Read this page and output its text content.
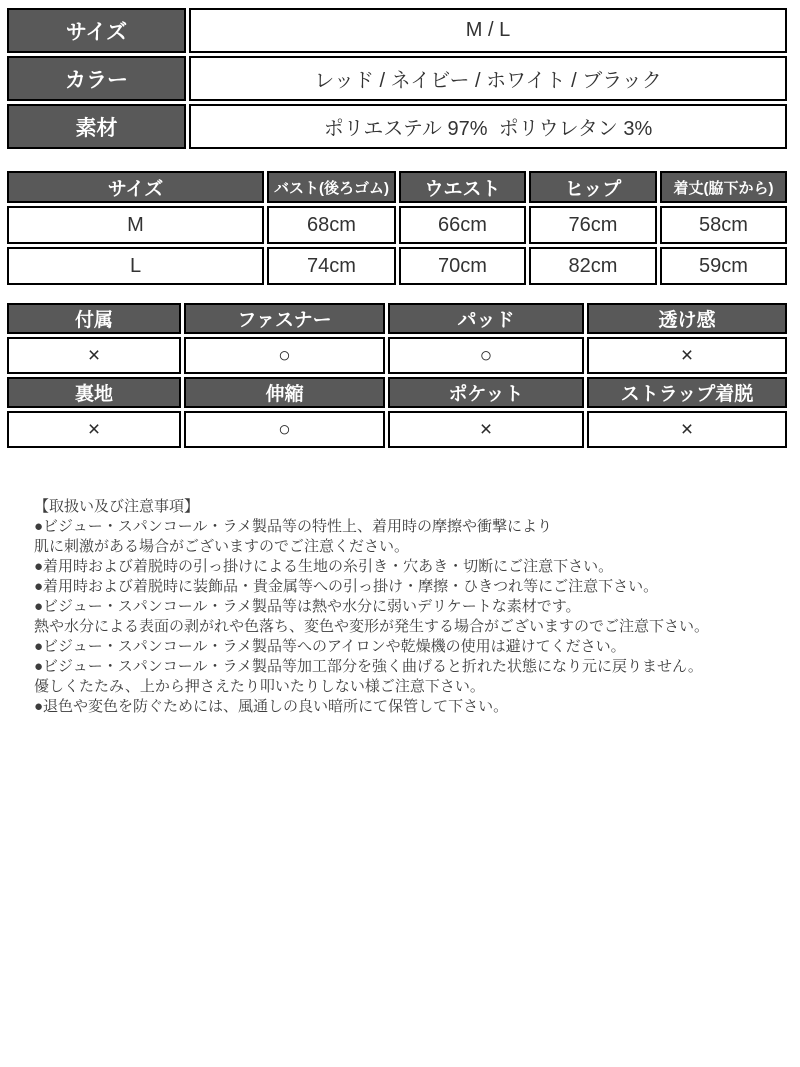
サイズ	M / L
カラー	レッド / ネイビー / ホワイト / ブラック
素材	ポリエステル 97%  ポリウレタン 3%
サイズ	バスト(後ろゴム)	ウエスト	ヒップ	着丈(脇下から)
M	68cm	66cm	76cm	58cm
L	74cm	70cm	82cm	59cm
付属	ファスナー	パッド	透け感
×	○	○	×
裏地	伸縮	ポケット	ストラップ着脱
×	○	×	×
【取扱い及び注意事項】
●ビジュー・スパンコール・ラメ製品等の特性上、着用時の摩擦や衝撃により
肌に刺激がある場合がございますのでご注意ください。
●着用時および着脱時の引っ掛けによる生地の糸引き・穴あき・切断にご注意下さい。
●着用時および着脱時に装飾品・貴金属等への引っ掛け・摩擦・ひきつれ等にご注意下さい。
●ビジュー・スパンコール・ラメ製品等は熱や水分に弱いデリケートな素材です。
熱や水分による表面の剥がれや色落ち、変色や変形が発生する場合がございますのでご注意下さい。
●ビジュー・スパンコール・ラメ製品等へのアイロンや乾燥機の使用は避けてください。
●ビジュー・スパンコール・ラメ製品等加工部分を強く曲げると折れた状態になり元に戻りません。
優しくたたみ、上から押さえたり叩いたりしない様ご注意下さい。
●退色や変色を防ぐためには、風通しの良い暗所にて保管して下さい。
